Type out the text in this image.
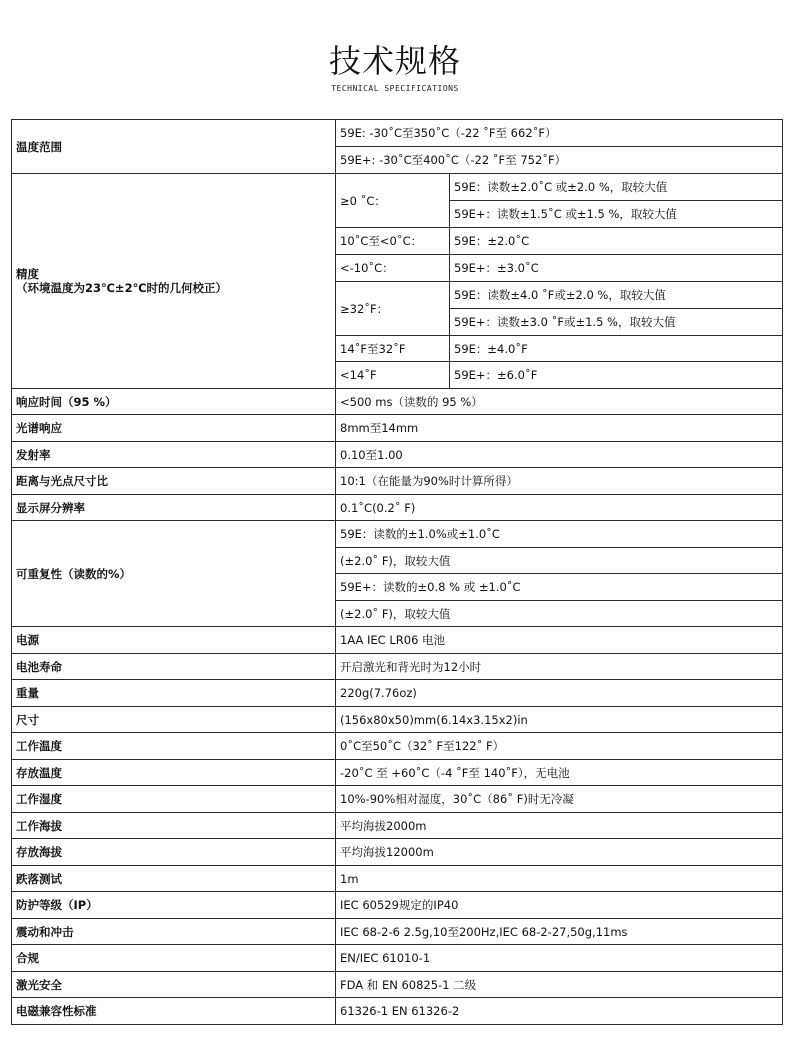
技术规格
TECHNICAL SPECIFICATIONS
温度范围	59E: -30˚C至350˚C（-22 ˚F至 662˚F）	
	59E+: -30˚C至400˚C（-22 ˚F至 752˚F）	
精度
（环境温度为23℃±2℃时的几何校正）	≥0 ˚C：	59E：读数±2.0˚C 或±2.0 %，取较大值
		59E+：读数±1.5˚C 或±1.5 %，取较大值
	10˚C至<0˚C：	59E：±2.0˚C
	<-10˚C：	59E+：±3.0˚C
	≥32˚F：	59E：读数±4.0 ˚F或±2.0 %，取较大值
		59E+：读数±3.0 ˚F或±1.5 %，取较大值
	14˚F至32˚F	59E：±4.0˚F
	<14˚F	59E+：±6.0˚F
响应时间（95 %）	<500 ms（读数的 95 %）	
光谱响应	8mm至14mm	
发射率	0.10至1.00	
距离与光点尺寸比	10:1（在能量为90%时计算所得）	
显示屏分辨率	0.1˚C(0.2˚ F)	
可重复性（读数的%）	59E：读数的±1.0%或±1.0˚C	
	(±2.0˚ F)，取较大值	
	59E+：读数的±0.8 % 或 ±1.0˚C	
	(±2.0˚ F)，取较大值	
电源	1AA IEC LR06 电池	
电池寿命	开启激光和背光时为12小时	
重量	220g(7.76oz)	
尺寸	(156x80x50)mm(6.14x3.15x2)in	
工作温度	0˚C至50˚C（32˚ F至122˚ F）	
存放温度	-20˚C 至 +60˚C（-4 ˚F至 140˚F），无电池	
工作湿度	10%-90%相对湿度，30˚C（86˚ F)时无冷凝	
工作海拔	平均海拔2000m	
存放海拔	平均海拔12000m	
跌落测试	1m	
防护等级（IP）	IEC 60529规定的IP40	
震动和冲击	IEC 68-2-6 2.5g,10至200Hz,IEC 68-2-27,50g,11ms	
合规	EN/IEC 61010-1	
激光安全	FDA 和 EN 60825-1 二级	
电磁兼容性标准	61326-1 EN 61326-2	
